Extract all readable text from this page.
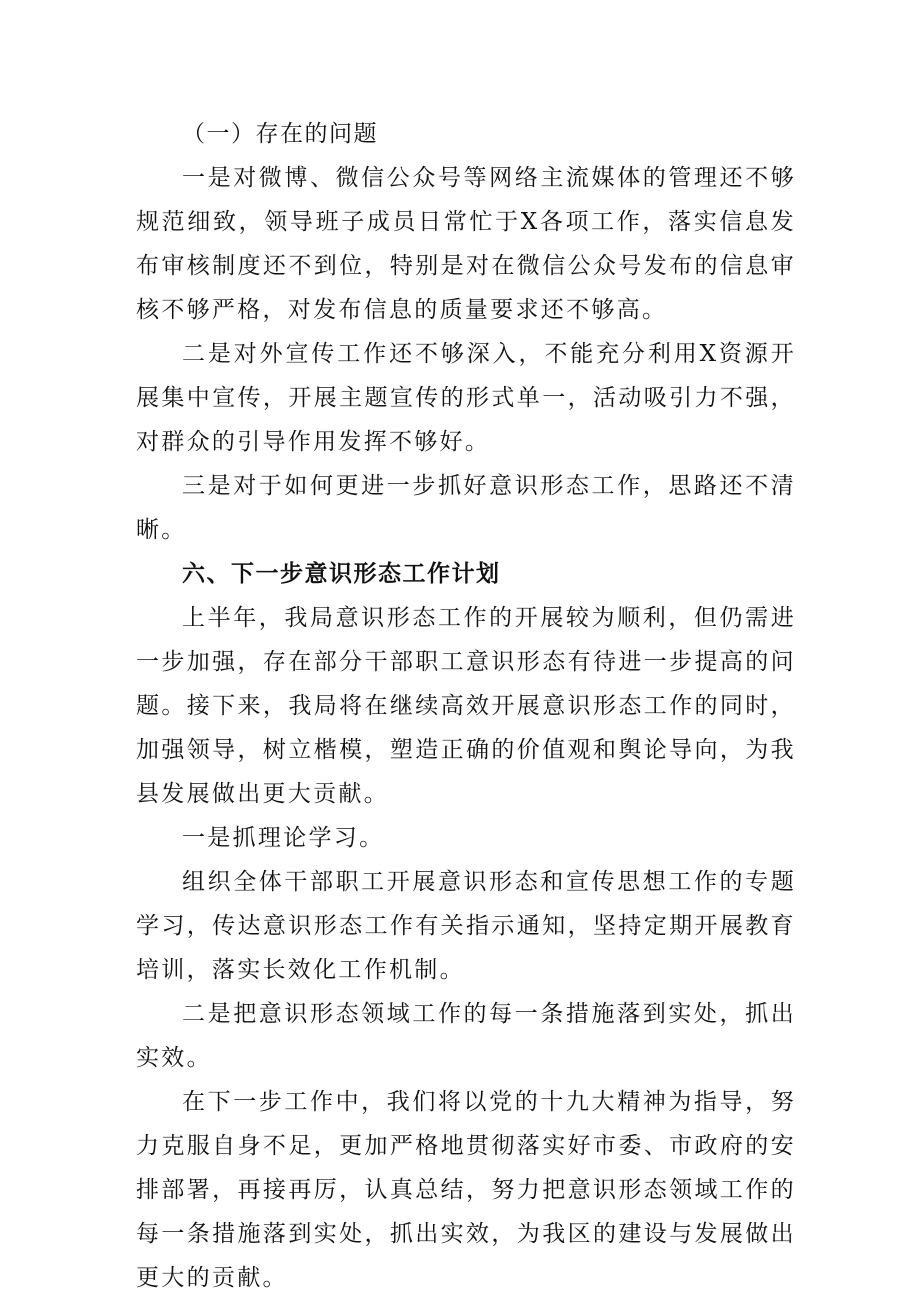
（一）存在的问题

一是对微博、微信公众号等网络主流媒体的管理还不够规范细致，领导班子成员日常忙于X各项工作，落实信息发布审核制度还不到位，特别是对在微信公众号发布的信息审核不够严格，对发布信息的质量要求还不够高。

二是对外宣传工作还不够深入，不能充分利用X资源开展集中宣传，开展主题宣传的形式单一，活动吸引力不强，对群众的引导作用发挥不够好。

三是对于如何更进一步抓好意识形态工作，思路还不清晰。

六、下一步意识形态工作计划

上半年，我局意识形态工作的开展较为顺利，但仍需进一步加强，存在部分干部职工意识形态有待进一步提高的问题。接下来，我局将在继续高效开展意识形态工作的同时，加强领导，树立楷模，塑造正确的价值观和舆论导向，为我县发展做出更大贡献。

一是抓理论学习。

组织全体干部职工开展意识形态和宣传思想工作的专题学习，传达意识形态工作有关指示通知，坚持定期开展教育培训，落实长效化工作机制。

二是把意识形态领域工作的每一条措施落到实处，抓出实效。

在下一步工作中，我们将以党的十九大精神为指导，努力克服自身不足，更加严格地贯彻落实好市委、市政府的安排部署，再接再厉，认真总结，努力把意识形态领域工作的每一条措施落到实处，抓出实效，为我区的建设与发展做出更大的贡献。
